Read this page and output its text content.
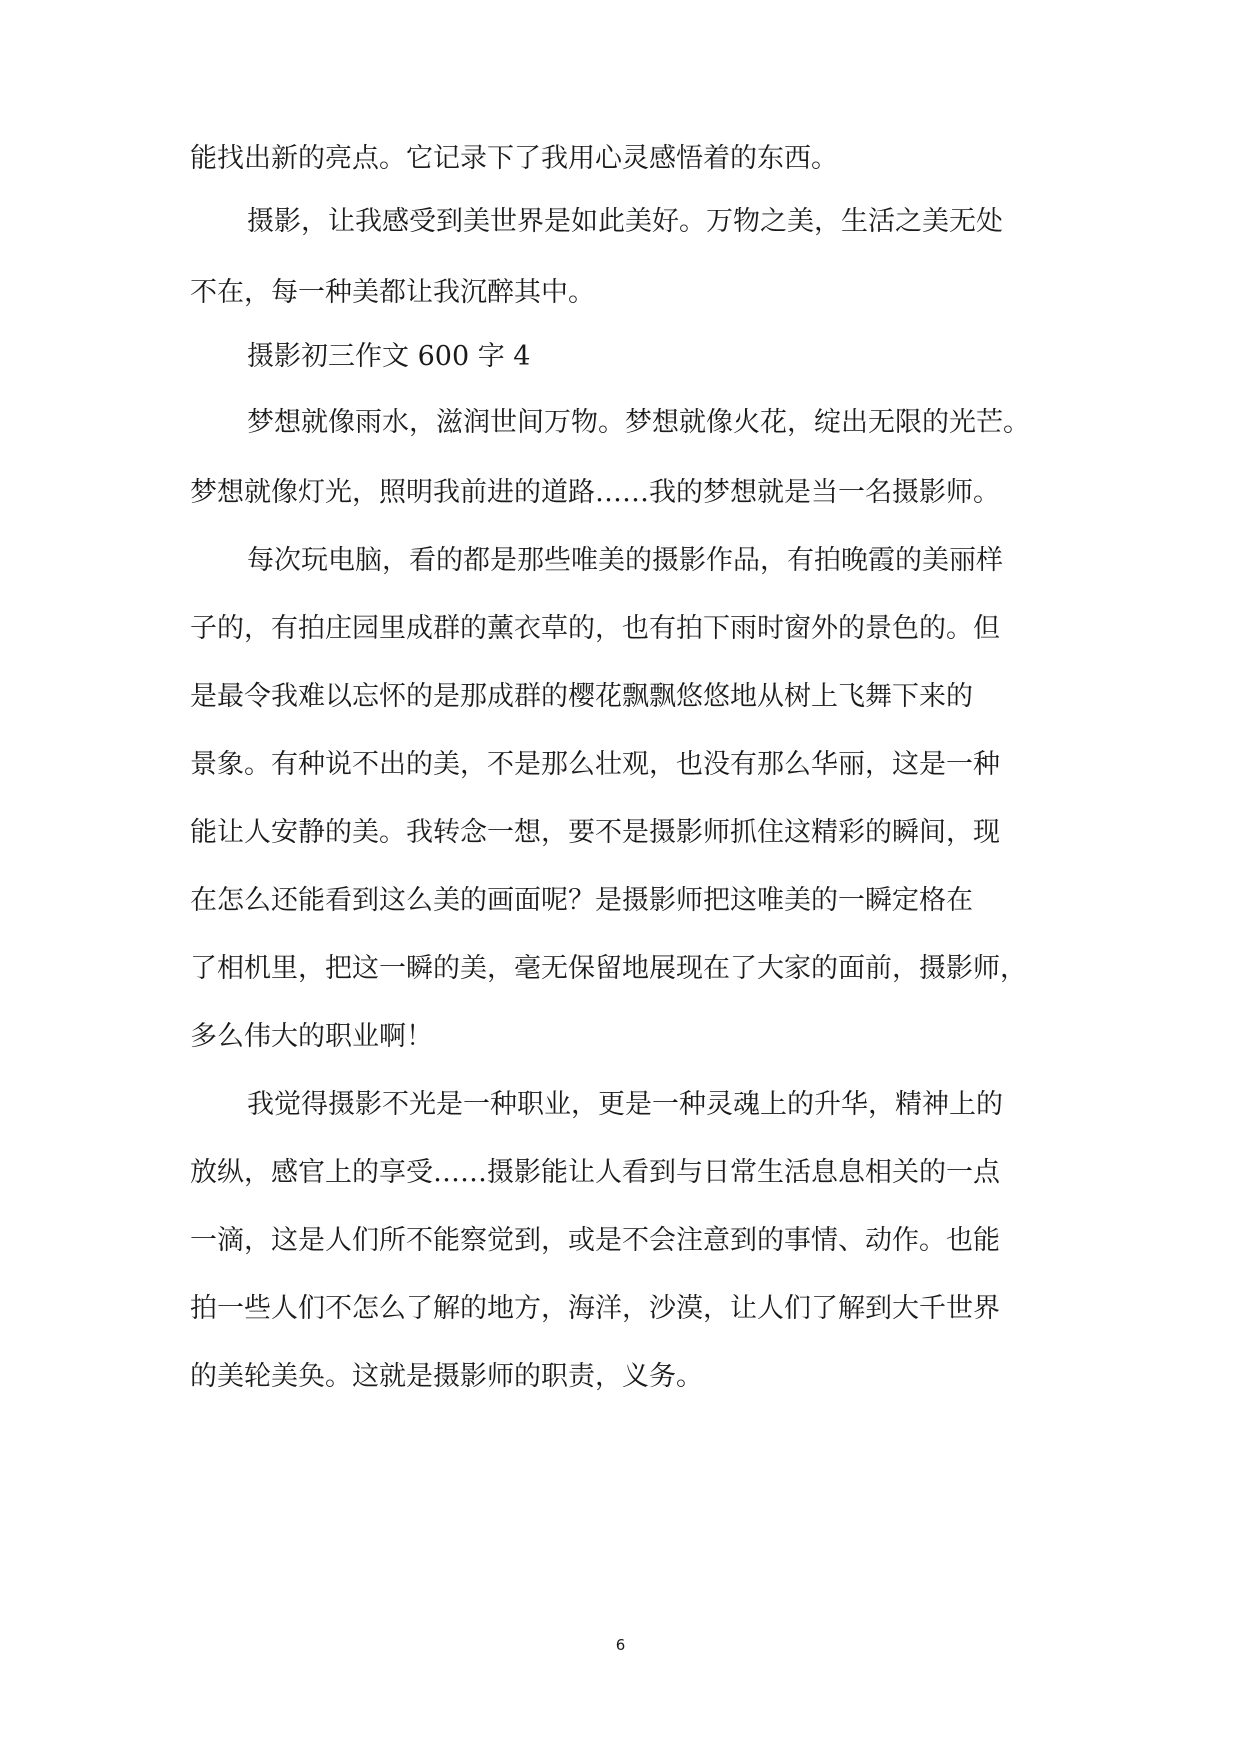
能找出新的亮点。它记录下了我用心灵感悟着的东西。
摄影，让我感受到美世界是如此美好。万物之美，生活之美无处
不在，每一种美都让我沉醉其中。
摄影初三作文 600 字 4
梦想就像雨水，滋润世间万物。梦想就像火花，绽出无限的光芒。
梦想就像灯光，照明我前进的道路……我的梦想就是当一名摄影师。
每次玩电脑，看的都是那些唯美的摄影作品，有拍晚霞的美丽样
子的，有拍庄园里成群的薰衣草的，也有拍下雨时窗外的景色的。但
是最令我难以忘怀的是那成群的樱花飘飘悠悠地从树上飞舞下来的
景象。有种说不出的美，不是那么壮观，也没有那么华丽，这是一种
能让人安静的美。我转念一想，要不是摄影师抓住这精彩的瞬间，现
在怎么还能看到这么美的画面呢？是摄影师把这唯美的一瞬定格在
了相机里，把这一瞬的美，毫无保留地展现在了大家的面前，摄影师，
多么伟大的职业啊！
我觉得摄影不光是一种职业，更是一种灵魂上的升华，精神上的
放纵，感官上的享受……摄影能让人看到与日常生活息息相关的一点
一滴，这是人们所不能察觉到，或是不会注意到的事情、动作。也能
拍一些人们不怎么了解的地方，海洋，沙漠，让人们了解到大千世界
的美轮美奂。这就是摄影师的职责，义务。
6
